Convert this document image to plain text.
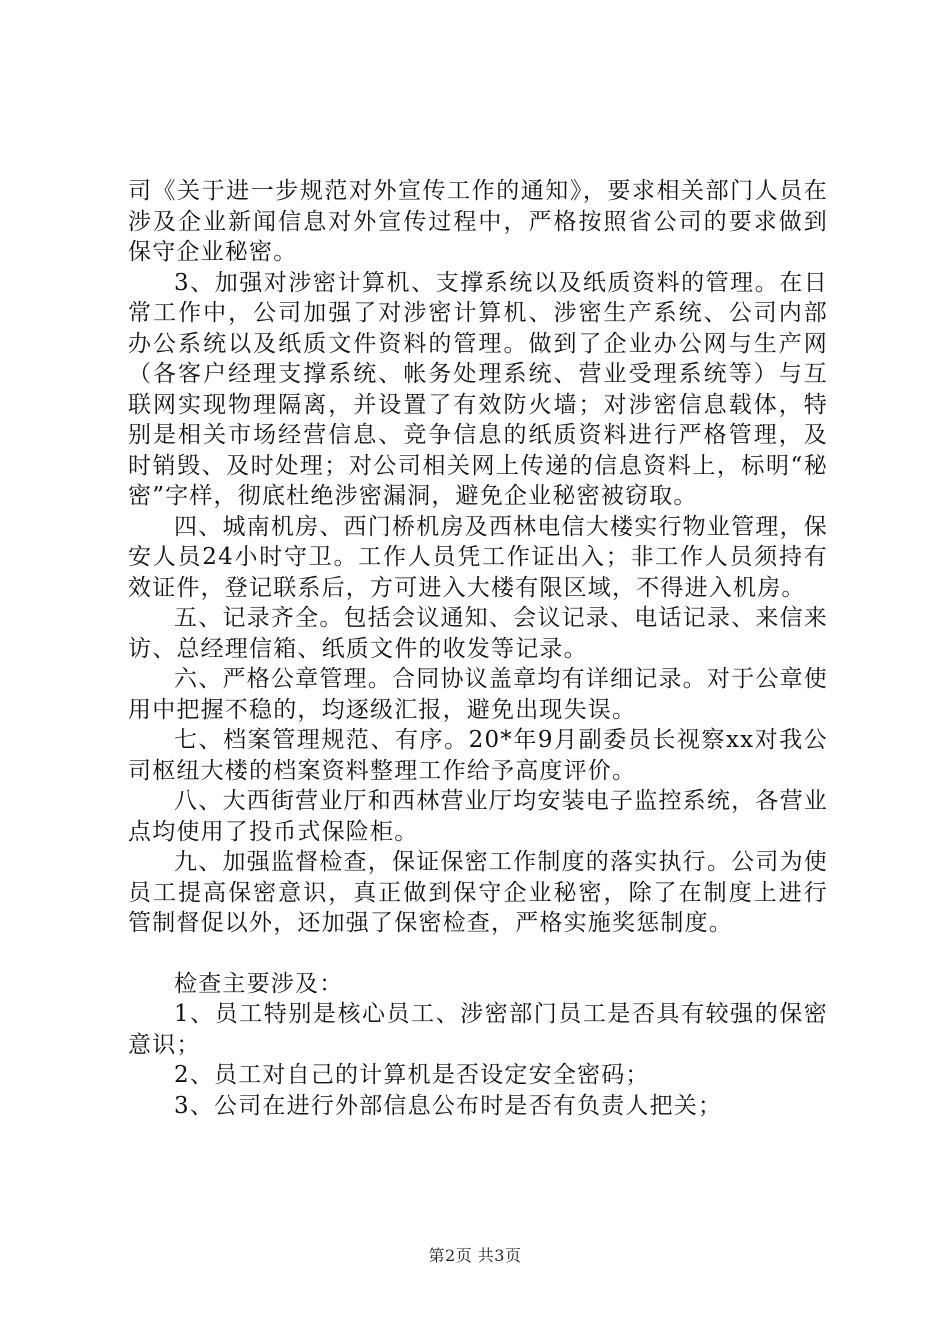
司《关于进一步规范对外宣传工作的通知》，要求相关部门人员在涉及企业新闻信息对外宣传过程中，严格按照省公司的要求做到保守企业秘密。

3、加强对涉密计算机、支撑系统以及纸质资料的管理。在日常工作中，公司加强了对涉密计算机、涉密生产系统、公司内部办公系统以及纸质文件资料的管理。做到了企业办公网与生产网（各客户经理支撑系统、帐务处理系统、营业受理系统等）与互联网实现物理隔离，并设置了有效防火墙；对涉密信息载体，特别是相关市场经营信息、竞争信息的纸质资料进行严格管理，及时销毁、及时处理；对公司相关网上传递的信息资料上，标明“秘密”字样，彻底杜绝涉密漏洞，避免企业秘密被窃取。

四、城南机房、西门桥机房及西林电信大楼实行物业管理，保安人员24小时守卫。工作人员凭工作证出入；非工作人员须持有效证件，登记联系后，方可进入大楼有限区域，不得进入机房。

五、记录齐全。包括会议通知、会议记录、电话记录、来信来访、总经理信箱、纸质文件的收发等记录。

六、严格公章管理。合同协议盖章均有详细记录。对于公章使用中把握不稳的，均逐级汇报，避免出现失误。

七、档案管理规范、有序。20*年9月副委员长视察xx对我公司枢纽大楼的档案资料整理工作给予高度评价。

八、大西街营业厅和西林营业厅均安装电子监控系统，各营业点均使用了投币式保险柜。

九、加强监督检查，保证保密工作制度的落实执行。公司为使员工提高保密意识，真正做到保守企业秘密，除了在制度上进行管制督促以外，还加强了保密检查，严格实施奖惩制度。

检查主要涉及：

1、员工特别是核心员工、涉密部门员工是否具有较强的保密意识；

2、员工对自己的计算机是否设定安全密码；

3、公司在进行外部信息公布时是否有负责人把关；

第2页 共3页
